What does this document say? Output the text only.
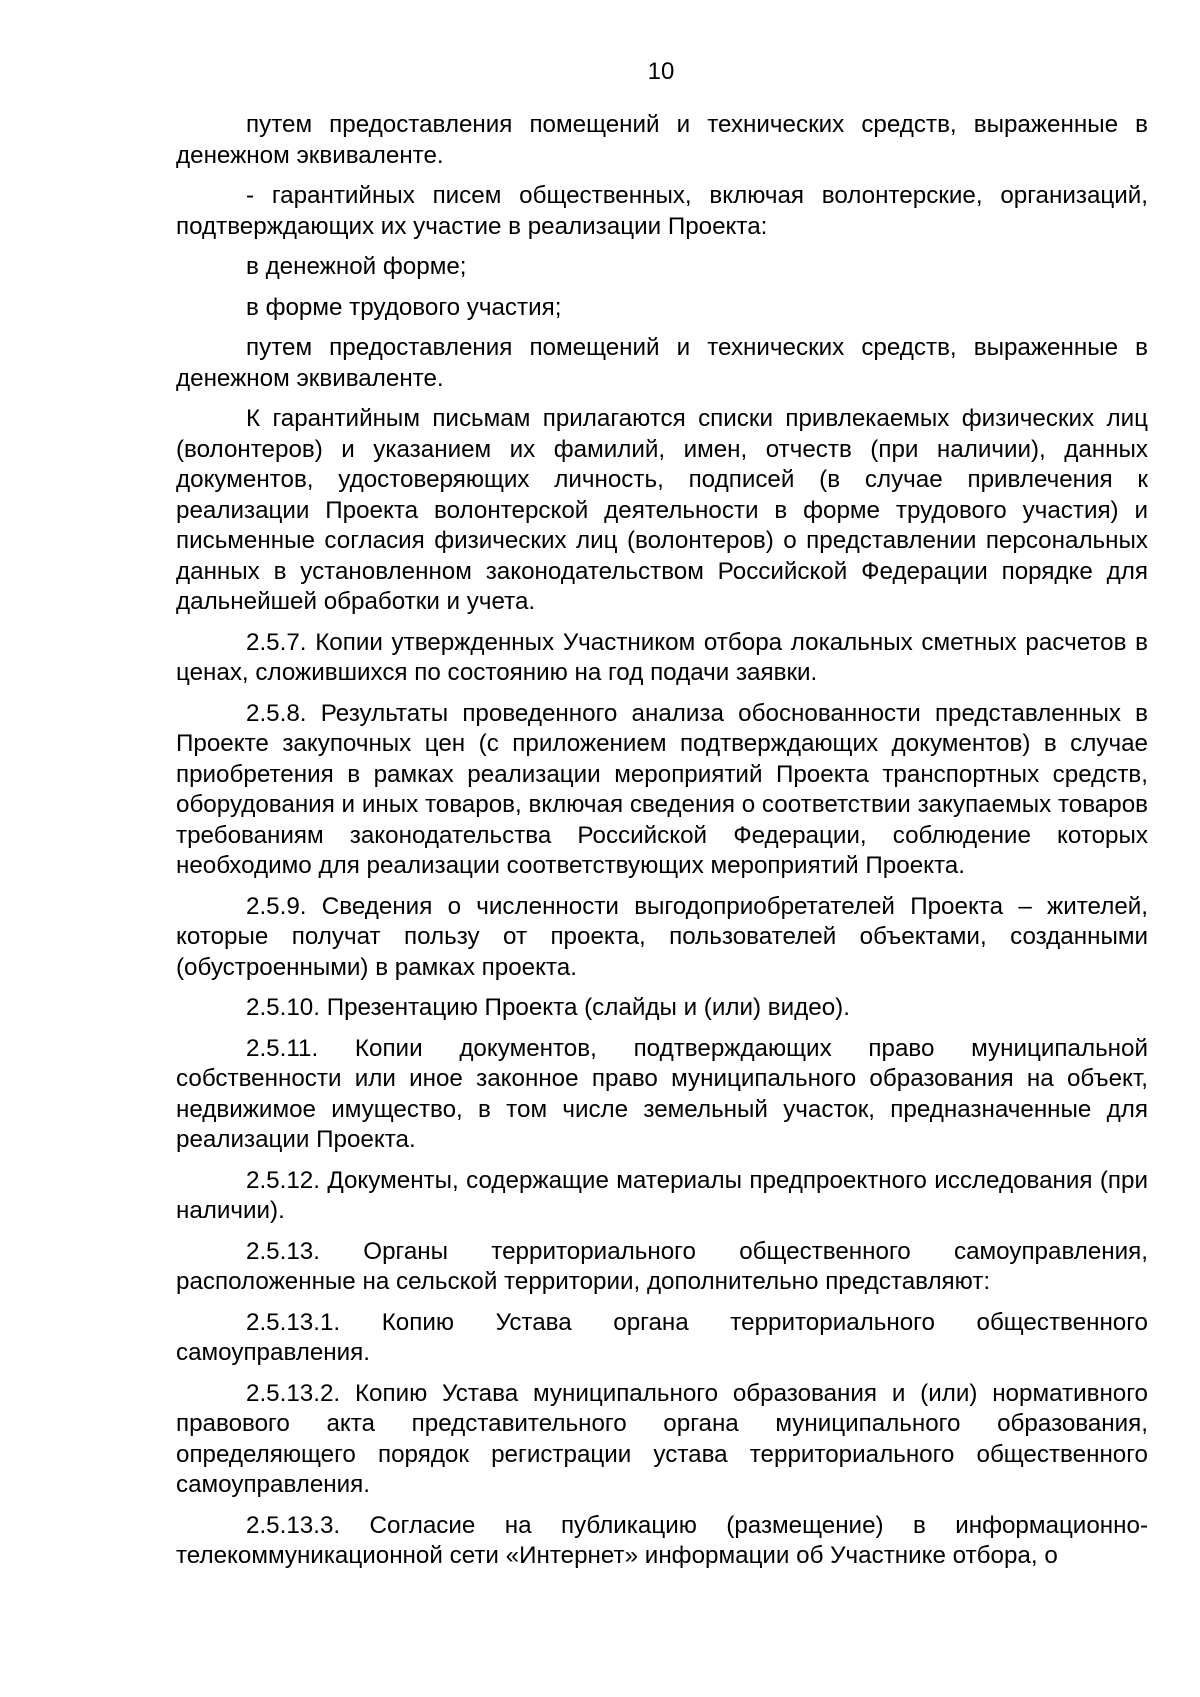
10

путем предоставления помещений и технических средств, выраженные в денежном эквиваленте.

- гарантийных писем общественных, включая волонтерские, организаций, подтверждающих их участие в реализации Проекта:

в денежной форме;

в форме трудового участия;

путем предоставления помещений и технических средств, выраженные в денежном эквиваленте.

К гарантийным письмам прилагаются списки привлекаемых физических лиц (волонтеров) и указанием их фамилий, имен, отчеств (при наличии), данных документов, удостоверяющих личность, подписей (в случае привлечения к реализации Проекта волонтерской деятельности в форме трудового участия) и письменные согласия физических лиц (волонтеров) о представлении персональных данных в установленном законодательством Российской Федерации порядке для дальнейшей обработки и учета.

2.5.7. Копии утвержденных Участником отбора локальных сметных расчетов в ценах, сложившихся по состоянию на год подачи заявки.

2.5.8. Результаты проведенного анализа обоснованности представленных в Проекте закупочных цен (с приложением подтверждающих документов) в случае приобретения в рамках реализации мероприятий Проекта транспортных средств, оборудования и иных товаров, включая сведения о соответствии закупаемых товаров требованиям законодательства Российской Федерации, соблюдение которых необходимо для реализации соответствующих мероприятий Проекта.

2.5.9. Сведения о численности выгодоприобретателей Проекта – жителей, которые получат пользу от проекта, пользователей объектами, созданными (обустроенными) в рамках проекта.

2.5.10. Презентацию Проекта (слайды и (или) видео).

2.5.11. Копии документов, подтверждающих право муниципальной собственности или иное законное право муниципального образования на объект, недвижимое имущество, в том числе земельный участок, предназначенные для реализации Проекта.

2.5.12. Документы, содержащие материалы предпроектного исследования (при наличии).

2.5.13. Органы территориального общественного самоуправления, расположенные на сельской территории, дополнительно представляют:

2.5.13.1. Копию Устава органа территориального общественного самоуправления.

2.5.13.2. Копию Устава муниципального образования и (или) нормативного правового акта представительного органа муниципального образования, определяющего порядок регистрации устава территориального общественного самоуправления.

2.5.13.3. Согласие на публикацию (размещение) в информационно-телекоммуникационной сети «Интернет» информации об Участнике отбора, о
